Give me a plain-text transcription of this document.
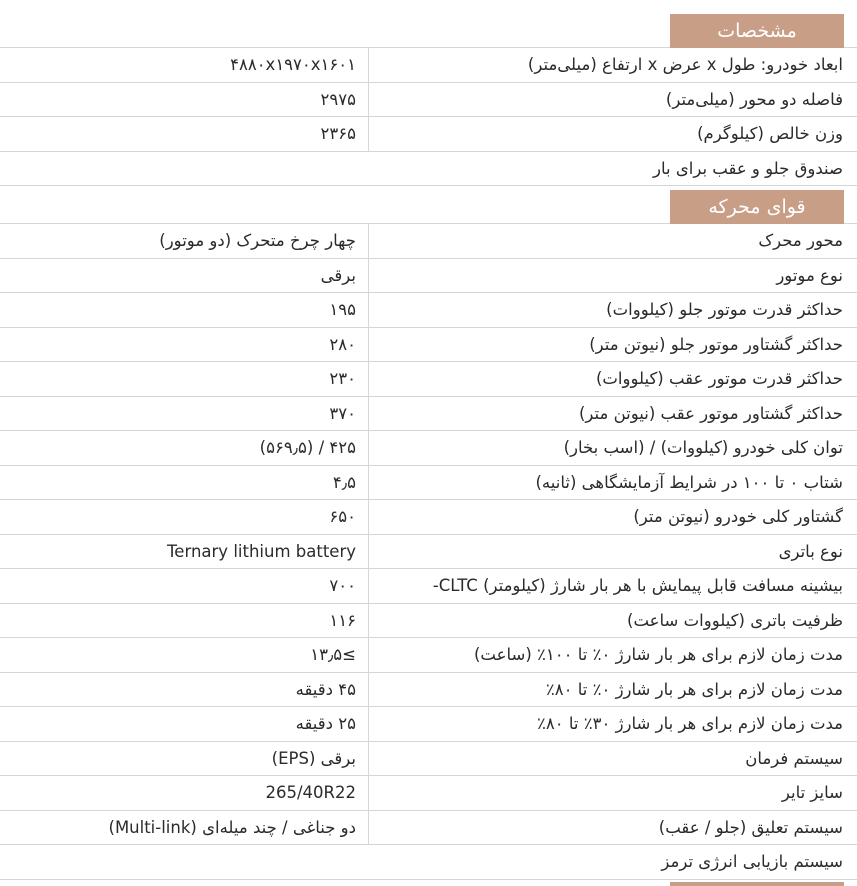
مشخصات
ابعاد خودرو: طول x عرض x ارتفاع (میلی‌متر)
۴۸۸۰x۱۹۷۰x۱۶۰۱
فاصله دو محور (میلی‌متر)
۲۹۷۵
وزن خالص (کیلوگرم)
۲۳۶۵
صندوق جلو و عقب برای بار
قوای محرکه
محور محرک
چهار چرخ متحرک (دو موتور)
نوع موتور
برقی
حداکثر قدرت موتور جلو (کیلووات)
۱۹۵
حداکثر گشتاور موتور جلو (نیوتن متر)
۲۸۰
حداکثر قدرت موتور عقب (کیلووات)
۲۳۰
حداکثر گشتاور موتور عقب (نیوتن متر)
۳۷۰
توان کلی خودرو (کیلووات) / (اسب بخار)
۴۲۵ / (۵۶۹٫۵)
شتاب ۰ تا ۱۰۰ در شرایط آزمایشگاهی (ثانیه)
۴٫۵
گشتاور کلی خودرو (نیوتن متر)
۶۵۰
نوع باتری
Ternary lithium battery
بیشینه مسافت قابل پیمایش با هر بار شارژ (کیلومتر) CLTC-
۷۰۰
ظرفیت باتری (کیلووات ساعت)
۱۱۶
مدت زمان لازم برای هر بار شارژ ۰٪ تا ۱۰۰٪ (ساعت)
≥۱۳٫۵
مدت زمان لازم برای هر بار شارژ ۰٪ تا ۸۰٪
۴۵ دقیقه
مدت زمان لازم برای هر بار شارژ ۳۰٪ تا ۸۰٪
۲۵ دقیقه
سیستم فرمان
برقی (EPS)
سایز تایر
265/40R22
سیستم تعلیق (جلو / عقب)
دو جناغی / چند میله‌ای (Multi-link)
سیستم بازیابی انرژی ترمز
